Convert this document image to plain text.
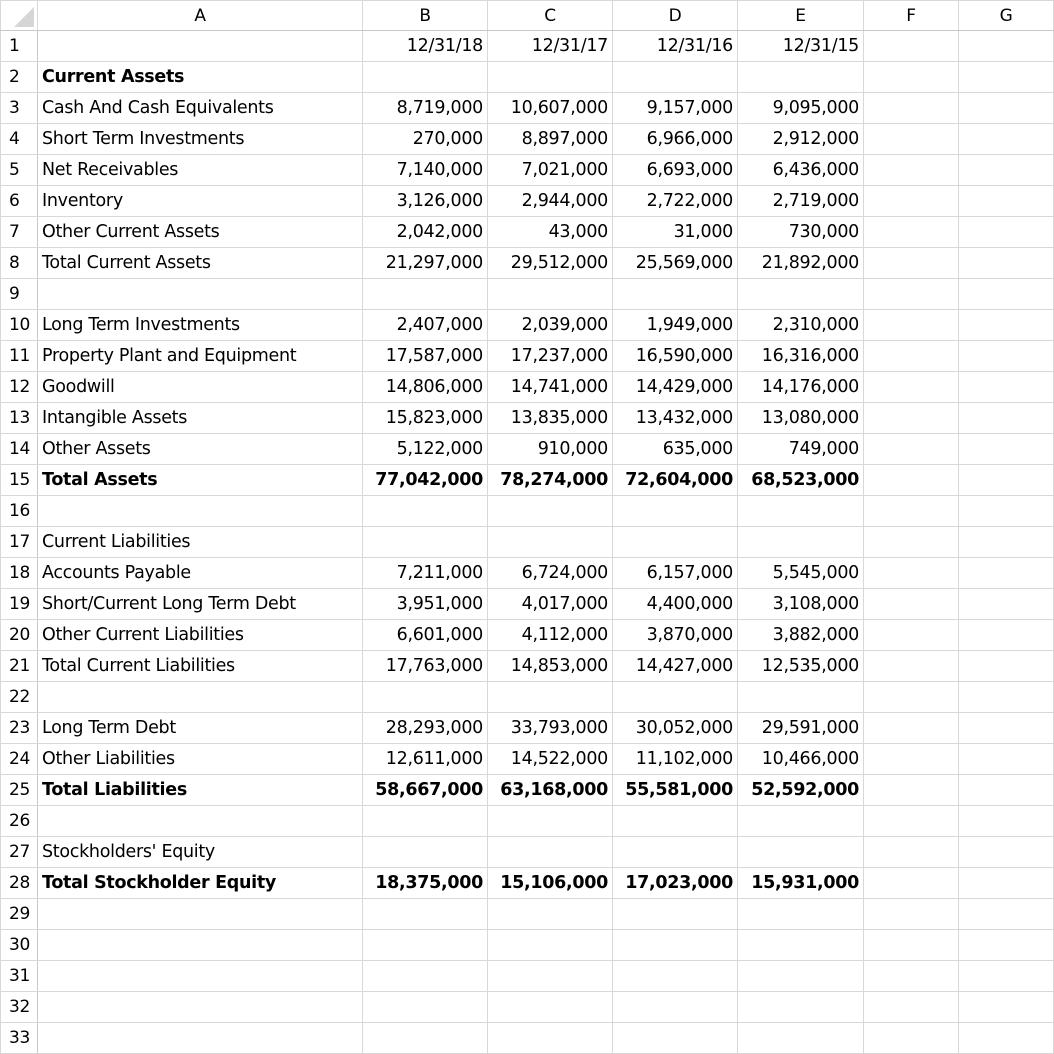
	A	B	C	D	E	F	G
1		12/31/18	12/31/17	12/31/16	12/31/15		
2	Current Assets						
3	Cash And Cash Equivalents	8,719,000	10,607,000	9,157,000	9,095,000		
4	Short Term Investments	270,000	8,897,000	6,966,000	2,912,000		
5	Net Receivables	7,140,000	7,021,000	6,693,000	6,436,000		
6	Inventory	3,126,000	2,944,000	2,722,000	2,719,000		
7	Other Current Assets	2,042,000	43,000	31,000	730,000		
8	Total Current Assets	21,297,000	29,512,000	25,569,000	21,892,000		
9							
10	Long Term Investments	2,407,000	2,039,000	1,949,000	2,310,000		
11	Property Plant and Equipment	17,587,000	17,237,000	16,590,000	16,316,000		
12	Goodwill	14,806,000	14,741,000	14,429,000	14,176,000		
13	Intangible Assets	15,823,000	13,835,000	13,432,000	13,080,000		
14	Other Assets	5,122,000	910,000	635,000	749,000		
15	Total Assets	77,042,000	78,274,000	72,604,000	68,523,000		
16							
17	Current Liabilities						
18	Accounts Payable	7,211,000	6,724,000	6,157,000	5,545,000		
19	Short/Current Long Term Debt	3,951,000	4,017,000	4,400,000	3,108,000		
20	Other Current Liabilities	6,601,000	4,112,000	3,870,000	3,882,000		
21	Total Current Liabilities	17,763,000	14,853,000	14,427,000	12,535,000		
22							
23	Long Term Debt	28,293,000	33,793,000	30,052,000	29,591,000		
24	Other Liabilities	12,611,000	14,522,000	11,102,000	10,466,000		
25	Total Liabilities	58,667,000	63,168,000	55,581,000	52,592,000		
26							
27	Stockholders' Equity						
28	Total Stockholder Equity	18,375,000	15,106,000	17,023,000	15,931,000		
29							
30							
31							
32							
33							
